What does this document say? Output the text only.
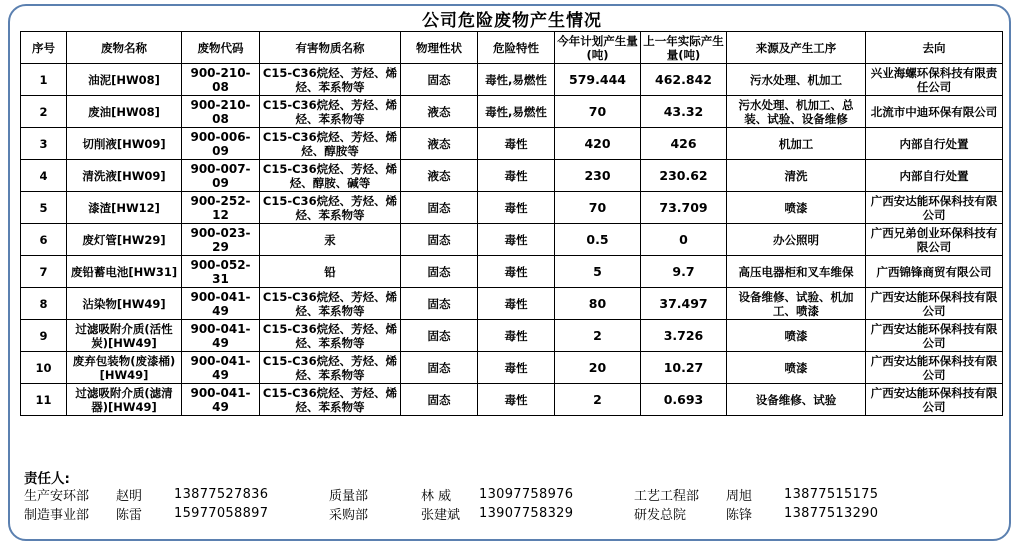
公司危险废物产生情况
序号	废物名称	废物代码	有害物质名称	物理性状	危险特性	今年计划产生量(吨)	上一年实际产生量(吨)	来源及产生工序	去向
1	油泥[HW08]	900-210-08	C15-C36烷烃、芳烃、烯烃、苯系物等	固态	毒性,易燃性	579.444	462.842	污水处理、机加工	兴业海螺环保科技有限责任公司
2	废油[HW08]	900-210-08	C15-C36烷烃、芳烃、烯烃、苯系物等	液态	毒性,易燃性	70	43.32	污水处理、机加工、总装、试验、设备维修	北流市中迪环保有限公司
3	切削液[HW09]	900-006-09	C15-C36烷烃、芳烃、烯烃、醇胺等	液态	毒性	420	426	机加工	内部自行处置
4	清洗液[HW09]	900-007-09	C15-C36烷烃、芳烃、烯烃、醇胺、碱等	液态	毒性	230	230.62	清洗	内部自行处置
5	漆渣[HW12]	900-252-12	C15-C36烷烃、芳烃、烯烃、苯系物等	固态	毒性	70	73.709	喷漆	广西安达能环保科技有限公司
6	废灯管[HW29]	900-023-29	汞	固态	毒性	0.5	0	办公照明	广西兄弟创业环保科技有限公司
7	废铅蓄电池[HW31]	900-052-31	铅	固态	毒性	5	9.7	高压电器柜和叉车维保	广西锦锋商贸有限公司
8	沾染物[HW49]	900-041-49	C15-C36烷烃、芳烃、烯烃、苯系物等	固态	毒性	80	37.497	设备维修、试验、机加工、喷漆	广西安达能环保科技有限公司
9	过滤吸附介质(活性炭)[HW49]	900-041-49	C15-C36烷烃、芳烃、烯烃、苯系物等	固态	毒性	2	3.726	喷漆	广西安达能环保科技有限公司
10	废弃包装物(废漆桶)[HW49]	900-041-49	C15-C36烷烃、芳烃、烯烃、苯系物等	固态	毒性	20	10.27	喷漆	广西安达能环保科技有限公司
11	过滤吸附介质(滤清器)[HW49]	900-041-49	C15-C36烷烃、芳烃、烯烃、苯系物等	固态	毒性	2	0.693	设备维修、试验	广西安达能环保科技有限公司
责任人:
生产安环部	赵明	13877527836	质量部	林 威	13097758976	工艺工程部	周旭	13877515175
制造事业部	陈雷	15977058897	采购部	张建斌	13907758329	研发总院	陈锋	13877513290
